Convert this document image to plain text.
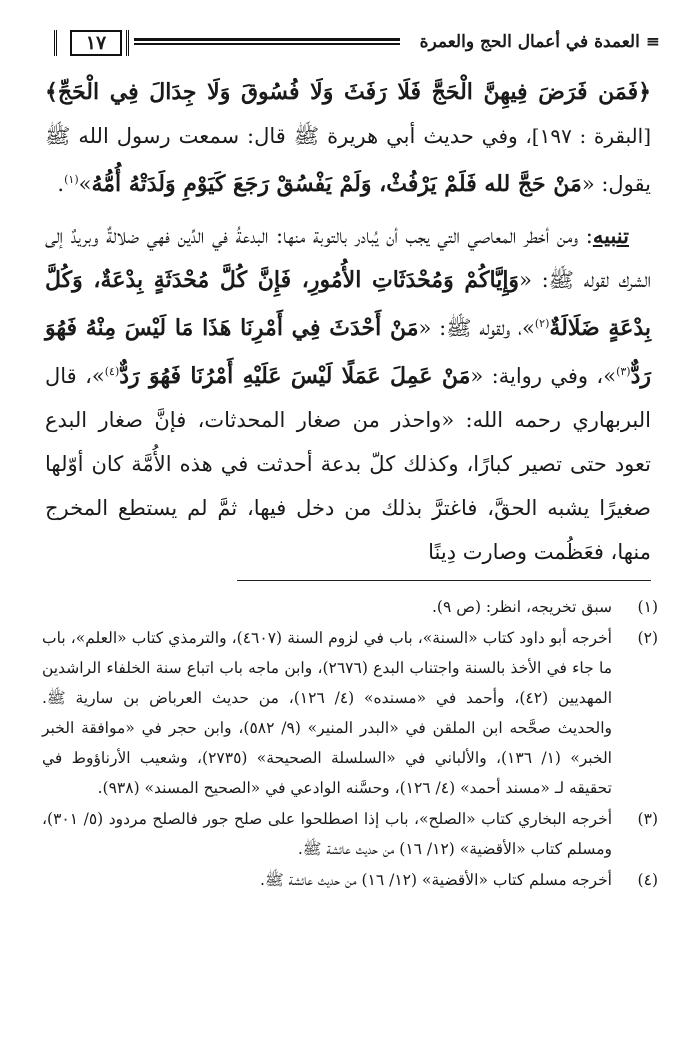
≡ العمدة في أعمال الحج والعمرة
١٧

﴿فَمَن فَرَضَ فِيهِنَّ الْحَجَّ فَلَا رَفَثَ وَلَا فُسُوقَ وَلَا جِدَالَ فِي الْحَجِّ﴾ [البقرة : ١٩٧]، وفي حديث أبي هريرة ﷺ قال: سمعت رسول الله ﷺ يقول: «مَنْ حَجَّ لله فَلَمْ يَرْفُثْ، وَلَمْ يَفْسُقْ رَجَعَ كَيَوْمِ وَلَدَتْهُ أُمُّهُ»$^{(١)}$.

تنبيه: ومن أخطر المعاصي التي يجب أن يُبادر بالتوبة منها: البدعةُ في الدِّين فهي ضلالةٌ وبريدٌ إلى الشرك لقوله ﷺ: «وَإِيَّاكُمْ وَمُحْدَثَاتِ الأُمُورِ، فَإِنَّ كُلَّ مُحْدَثَةٍ بِدْعَةٌ، وَكُلَّ بِدْعَةٍ ضَلَالَةٌ$^{(٢)}$»، ولقوله ﷺ: «مَنْ أَحْدَثَ فِي أَمْرِنَا هَذَا مَا لَيْسَ مِنْهُ فَهُوَ رَدٌّ$^{(٣)}$»، وفي رواية: «مَنْ عَمِلَ عَمَلًا لَيْسَ عَلَيْهِ أَمْرُنَا فَهُوَ رَدٌّ$^{(٤)}$»، قال البربهاري رحمه الله: «واحذر من صغار المحدثات، فإنَّ صغار البدع تعود حتى تصير كبارًا، وكذلك كلّ بدعة أحدثت في هذه الأُمَّة كان أوّلها صغيرًا يشبه الحقَّ، فاغترَّ بذلك من دخل فيها، ثمَّ لم يستطع المخرج منها، فعَظُمت وصارت دِينًا

(١)
سبق تخريجه، انظر: (ص ٩).
(٢)
أخرجه أبو داود كتاب «السنة»، باب في لزوم السنة (٤٦٠٧)، والترمذي كتاب «العلم»، باب ما جاء في الأخذ بالسنة واجتناب البدع (٢٦٧٦)، وابن ماجه باب اتباع سنة الخلفاء الراشدين المهديين (٤٢)، وأحمد في «مسنده» (٤/ ١٢٦)، من حديث العرباض بن سارية ﷺ. والحديث صحَّحه ابن الملقن في «البدر المنير» (٩/ ٥٨٢)، وابن حجر في «موافقة الخبر الخبر» (١/ ١٣٦)، والألباني في «السلسلة الصحيحة» (٢٧٣٥)، وشعيب الأرناؤوط في تحقيقه لـ «مسند أحمد» (٤/ ١٢٦)، وحسَّنه الوادعي في «الصحيح المسند» (٩٣٨).
(٣)
أخرجه البخاري كتاب «الصلح»، باب إذا اصطلحوا على صلح جور فالصلح مردود (٥/ ٣٠١)، ومسلم كتاب «الأقضية» (١٢/ ١٦) من حديث عائشة ﷺ.
(٤)
أخرجه مسلم كتاب «الأقضية» (١٢/ ١٦) من حديث عائشة ﷺ.
